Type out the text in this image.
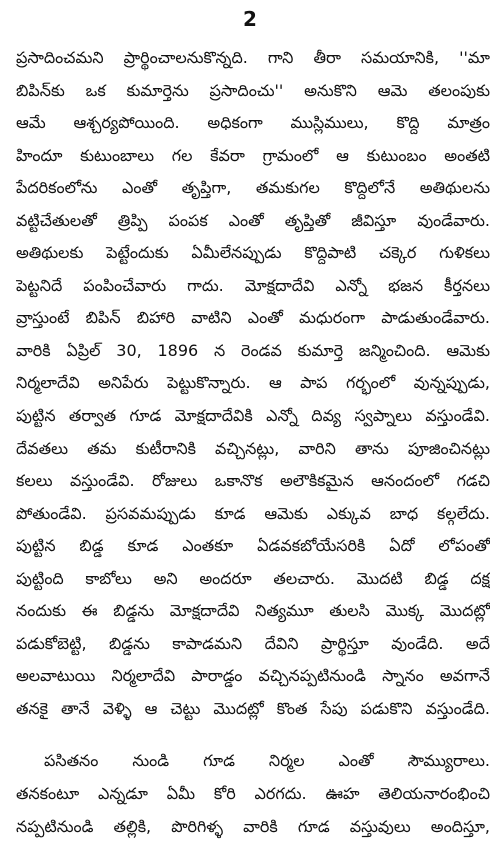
2
ప్రసాదించమని ప్రార్థించాలనుకొన్నది. గాని తీరా సమయానికి, ''మా
బిపిన్‌కు ఒక కుమార్తెను ప్రసాదించు'' అనుకొని ఆమె తలంపుకు
ఆమే ఆశ్చర్యపోయింది. అధికంగా ముస్లిములు, కొద్ది మాత్రం
హిందూ కుటుంబాలు గల కేవరా గ్రామంలో ఆ కుటుంబం అంతటి
పేదరికంలోను ఎంతో తృప్తిగా, తమకుగల కొద్దిలోనే అతిథులను
వట్టిచేతులతో త్రిప్పి పంపక ఎంతో తృప్తితో జీవిస్తూ వుండేవారు.
అతిథులకు పెట్టేందుకు ఏమీలేనప్పుడు కొద్దిపాటి చక్కెర గుళికలు
పెట్టనిదే పంపించేవారు గాదు. మోక్షదాదేవి ఎన్నో భజన కీర్తనలు
వ్రాస్తుంటే బిపిన్ బిహారి వాటిని ఎంతో మధురంగా పాడుతుండేవారు.
వారికి ఏప్రిల్ 30, 1896 న రెండవ కుమార్తె జన్మించింది. ఆమెకు
నిర్మలాదేవి అనిపేరు పెట్టుకొన్నారు. ఆ పాప గర్భంలో వున్నప్పుడు,
పుట్టిన తర్వాత గూడ మోక్షదాదేవికి ఎన్నో దివ్య స్వప్నాలు వస్తుండేవి.
దేవతలు తమ కుటీరానికి వచ్చినట్లు, వారిని తాను పూజించినట్లు
కలలు వస్తుండేవి. రోజులు ఒకానొక అలౌకికమైన ఆనందంలో గడచి
పోతుండేవి. ప్రసవమప్పుడు కూడ ఆమెకు ఎక్కువ బాధ కల్గలేదు.
పుట్టిన బిడ్డ కూడ ఎంతకూ ఏడవకబోయేసరికి ఏదో లోపంతో
పుట్టింది కాబోలు అని అందరూ తలచారు. మొదటి బిడ్డ దక్ష
నందుకు ఈ బిడ్డను మోక్షదాదేవి నిత్యమూ తులసి మొక్క మొదట్లో
పడుకోబెట్టి, బిడ్డను కాపాడమని దేవిని ప్రార్థిస్తూ వుండేది. అదే
అలవాటుయి నిర్మలాదేవి పారాడ్డం వచ్చినప్పటినుండి స్నానం అవగానే
తనకై తానే వెళ్ళి ఆ చెట్టు మొదట్లో కొంత సేపు పడుకొని వస్తుండేది.
పసితనం నుండి గూడ నిర్మల ఎంతో సౌమ్యురాలు.
తనకంటూ ఎన్నడూ ఏమీ కోరి ఎరగదు. ఊహ తెలియనారంభించి
నప్పటినుండి తల్లికి, పొరిగిళ్ళ వారికి గూడ వస్తువులు అందిస్తూ,
